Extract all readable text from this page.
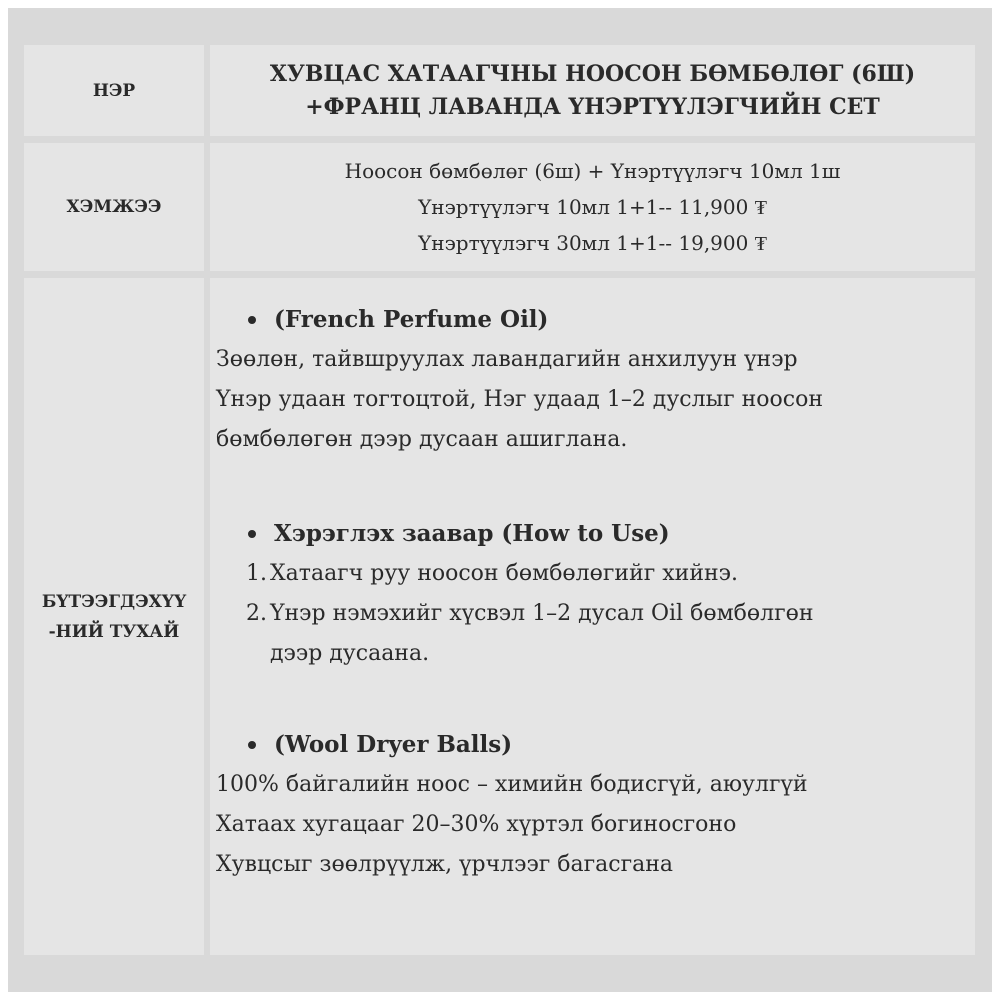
НЭР
ХУВЦАС ХАТААГЧНЫ НООСОН БӨМБӨЛӨГ (6Ш)
+ФРАНЦ ЛАВАНДА ҮНЭРТҮҮЛЭГЧИЙН СЕТ
ХЭМЖЭЭ
Ноосон бөмбөлөг (6ш) + Үнэртүүлэгч 10мл 1ш
Үнэртүүлэгч 10мл 1+1-- 11,900 ₮
Үнэртүүлэгч 30мл 1+1-- 19,900 ₮
БҮТЭЭГДЭХҮҮ
-НИЙ ТУХАЙ
(French Perfume Oil)
Зөөлөн, тайвшруулах лавандагийн анхилуун үнэр
Үнэр удаан тогтоцтой, Нэг удаад 1–2 дуслыг ноосон
бөмбөлөгөн дээр дусаан ашиглана.
Хэрэглэх заавар (How to Use)
1. Хатаагч руу ноосон бөмбөлөгийг хийнэ.
2. Үнэр нэмэхийг хүсвэл 1–2 дусал Oil бөмбөлгөн
дээр дусаана.
(Wool Dryer Balls)
100% байгалийн ноос – химийн бодисгүй, аюулгүй
Хатаах хугацааг 20–30% хүртэл богиносгоно
Хувцсыг зөөлрүүлж, үрчлээг багасгана
